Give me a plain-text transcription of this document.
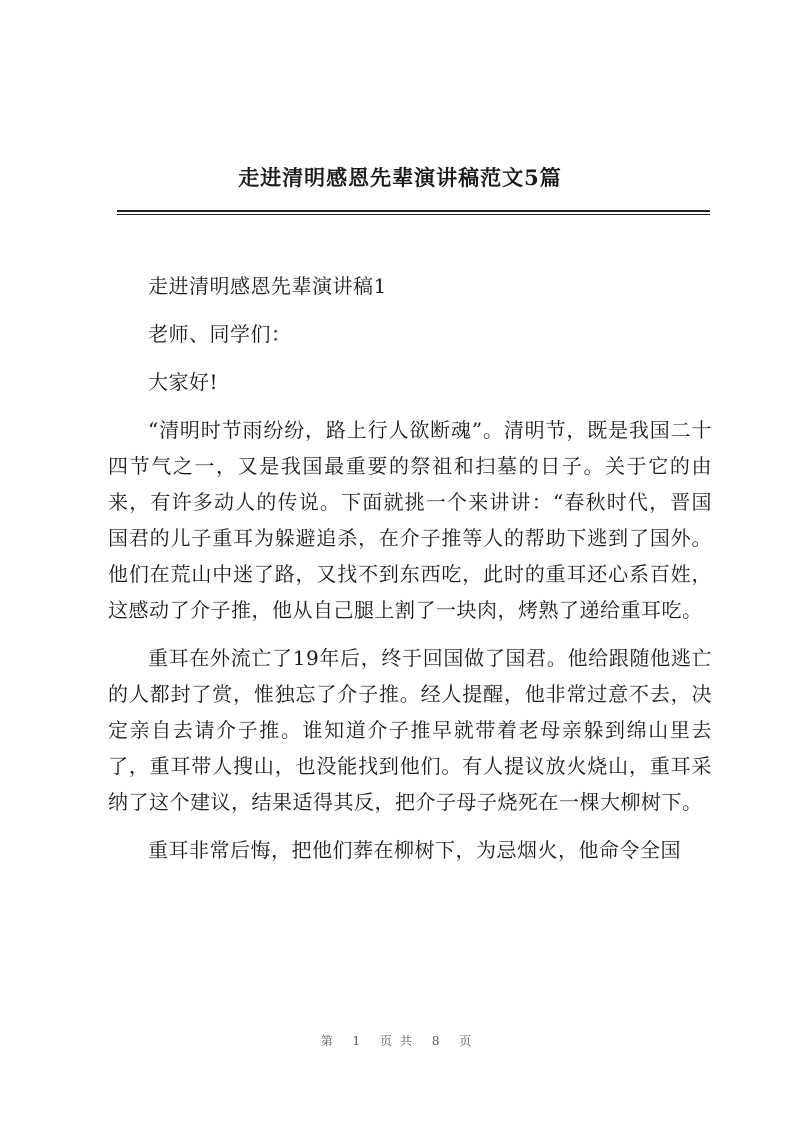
走进清明感恩先辈演讲稿范文5篇

走进清明感恩先辈演讲稿1

老师、同学们：

大家好!

“清明时节雨纷纷，路上行人欲断魂”。清明节，既是我国二十四节气之一，又是我国最重要的祭祖和扫墓的日子。关于它的由来，有许多动人的传说。下面就挑一个来讲讲：“春秋时代，晋国国君的儿子重耳为躲避追杀，在介子推等人的帮助下逃到了国外。他们在荒山中迷了路，又找不到东西吃，此时的重耳还心系百姓，这感动了介子推，他从自己腿上割了一块肉，烤熟了递给重耳吃。

重耳在外流亡了19年后，终于回国做了国君。他给跟随他逃亡的人都封了赏，惟独忘了介子推。经人提醒，他非常过意不去，决定亲自去请介子推。谁知道介子推早就带着老母亲躲到绵山里去了，重耳带人搜山，也没能找到他们。有人提议放火烧山，重耳采纳了这个建议，结果适得其反，把介子母子烧死在一棵大柳树下。

重耳非常后悔，把他们葬在柳树下，为忌烟火，他命令全国

第 1 页共 8 页
